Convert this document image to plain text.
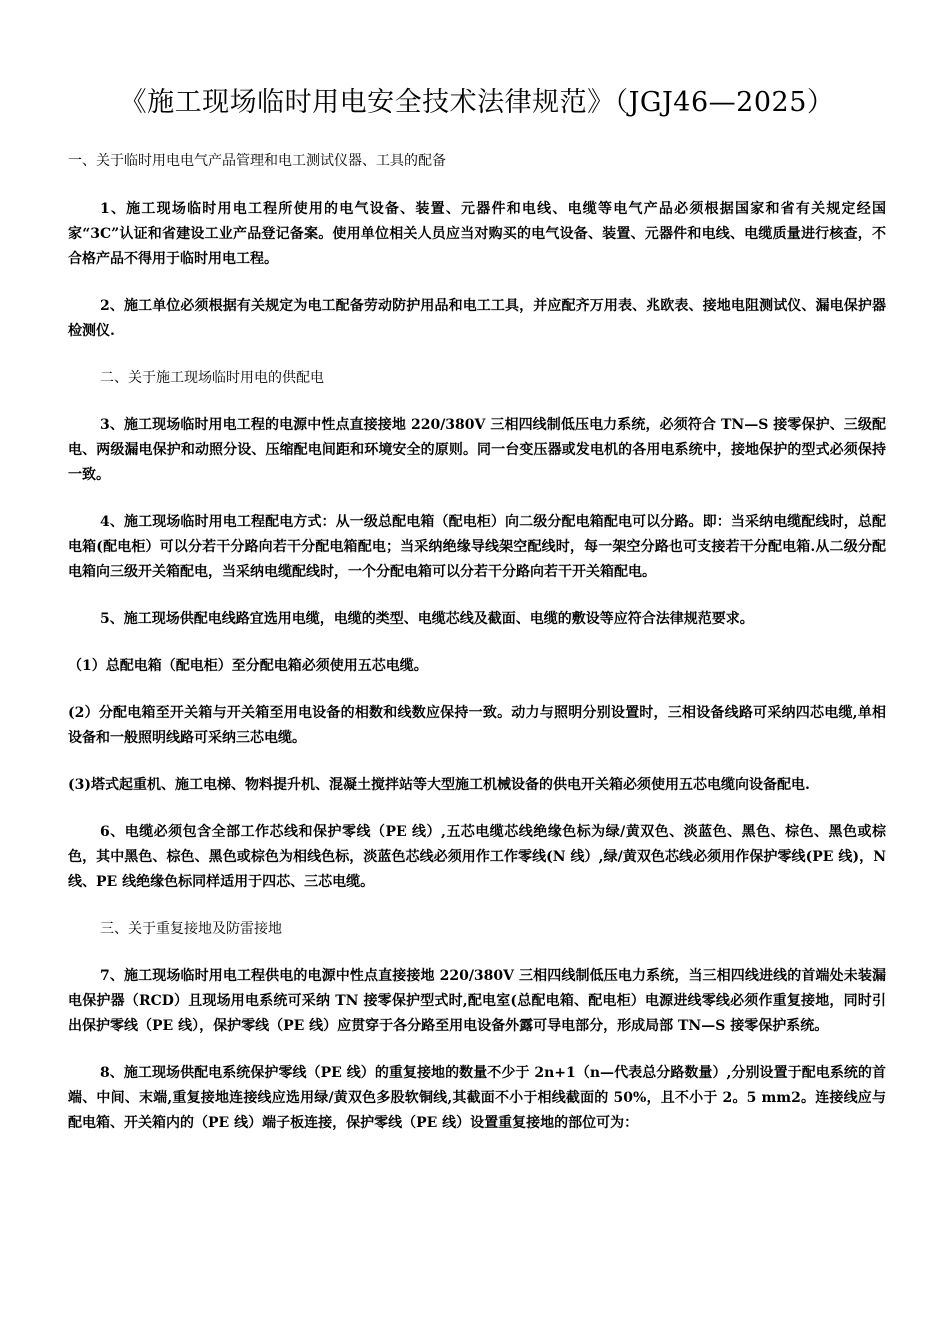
《施工现场临时用电安全技术法律规范》（JGJ46—2025）
一、关于临时用电电气产品管理和电工测试仪器、工具的配备

1、施工现场临时用电工程所使用的电气设备、装置、元器件和电线、电缆等电气产品必须根据国家和省有关规定经国家“3C”认证和省建设工业产品登记备案。使用单位相关人员应当对购买的电气设备、装置、元器件和电线、电缆质量进行核查，不合格产品不得用于临时用电工程。

2、施工单位必须根据有关规定为电工配备劳动防护用品和电工工具，并应配齐万用表、兆欧表、接地电阻测试仪、漏电保护器检测仪.

二、关于施工现场临时用电的供配电

3、施工现场临时用电工程的电源中性点直接接地 220/380V 三相四线制低压电力系统，必须符合 TN—S 接零保护、三级配电、两级漏电保护和动照分设、压缩配电间距和环境安全的原则。同一台变压器或发电机的各用电系统中，接地保护的型式必须保持一致。

4、施工现场临时用电工程配电方式：从一级总配电箱（配电柜）向二级分配电箱配电可以分路。即：当采纳电缆配线时，总配电箱(配电柜）可以分若干分路向若干分配电箱配电；当采纳绝缘导线架空配线时，每一架空分路也可支接若干分配电箱.从二级分配电箱向三级开关箱配电，当采纳电缆配线时，一个分配电箱可以分若干分路向若干开关箱配电。

5、施工现场供配电线路宜选用电缆，电缆的类型、电缆芯线及截面、电缆的敷设等应符合法律规范要求。

（1）总配电箱（配电柜）至分配电箱必须使用五芯电缆。

(2）分配电箱至开关箱与开关箱至用电设备的相数和线数应保持一致。动力与照明分别设置时，三相设备线路可采纳四芯电缆,单相设备和一般照明线路可采纳三芯电缆。

(3)塔式起重机、施工电梯、物料提升机、混凝土搅拌站等大型施工机械设备的供电开关箱必须使用五芯电缆向设备配电.

6、电缆必须包含全部工作芯线和保护零线（PE 线）,五芯电缆芯线绝缘色标为绿/黄双色、淡蓝色、黑色、棕色、黑色或棕色，其中黑色、棕色、黑色或棕色为相线色标，淡蓝色芯线必须用作工作零线(N 线）,绿/黄双色芯线必须用作保护零线(PE 线)，N 线、PE 线绝缘色标同样适用于四芯、三芯电缆。

三、关于重复接地及防雷接地

7、施工现场临时用电工程供电的电源中性点直接接地 220/380V 三相四线制低压电力系统，当三相四线进线的首端处未装漏电保护器（RCD）且现场用电系统可采纳 TN 接零保护型式时,配电室(总配电箱、配电柜）电源进线零线必须作重复接地，同时引出保护零线（PE 线），保护零线（PE 线）应贯穿于各分路至用电设备外露可导电部分，形成局部 TN—S 接零保护系统。

8、施工现场供配电系统保护零线（PE 线）的重复接地的数量不少于 2n+1（n—代表总分路数量）,分别设置于配电系统的首端、中间、末端,重复接地连接线应选用绿/黄双色多股软铜线,其截面不小于相线截面的 50%，且不小于 2。5 mm2。连接线应与配电箱、开关箱内的（PE 线）端子板连接，保护零线（PE 线）设置重复接地的部位可为：
